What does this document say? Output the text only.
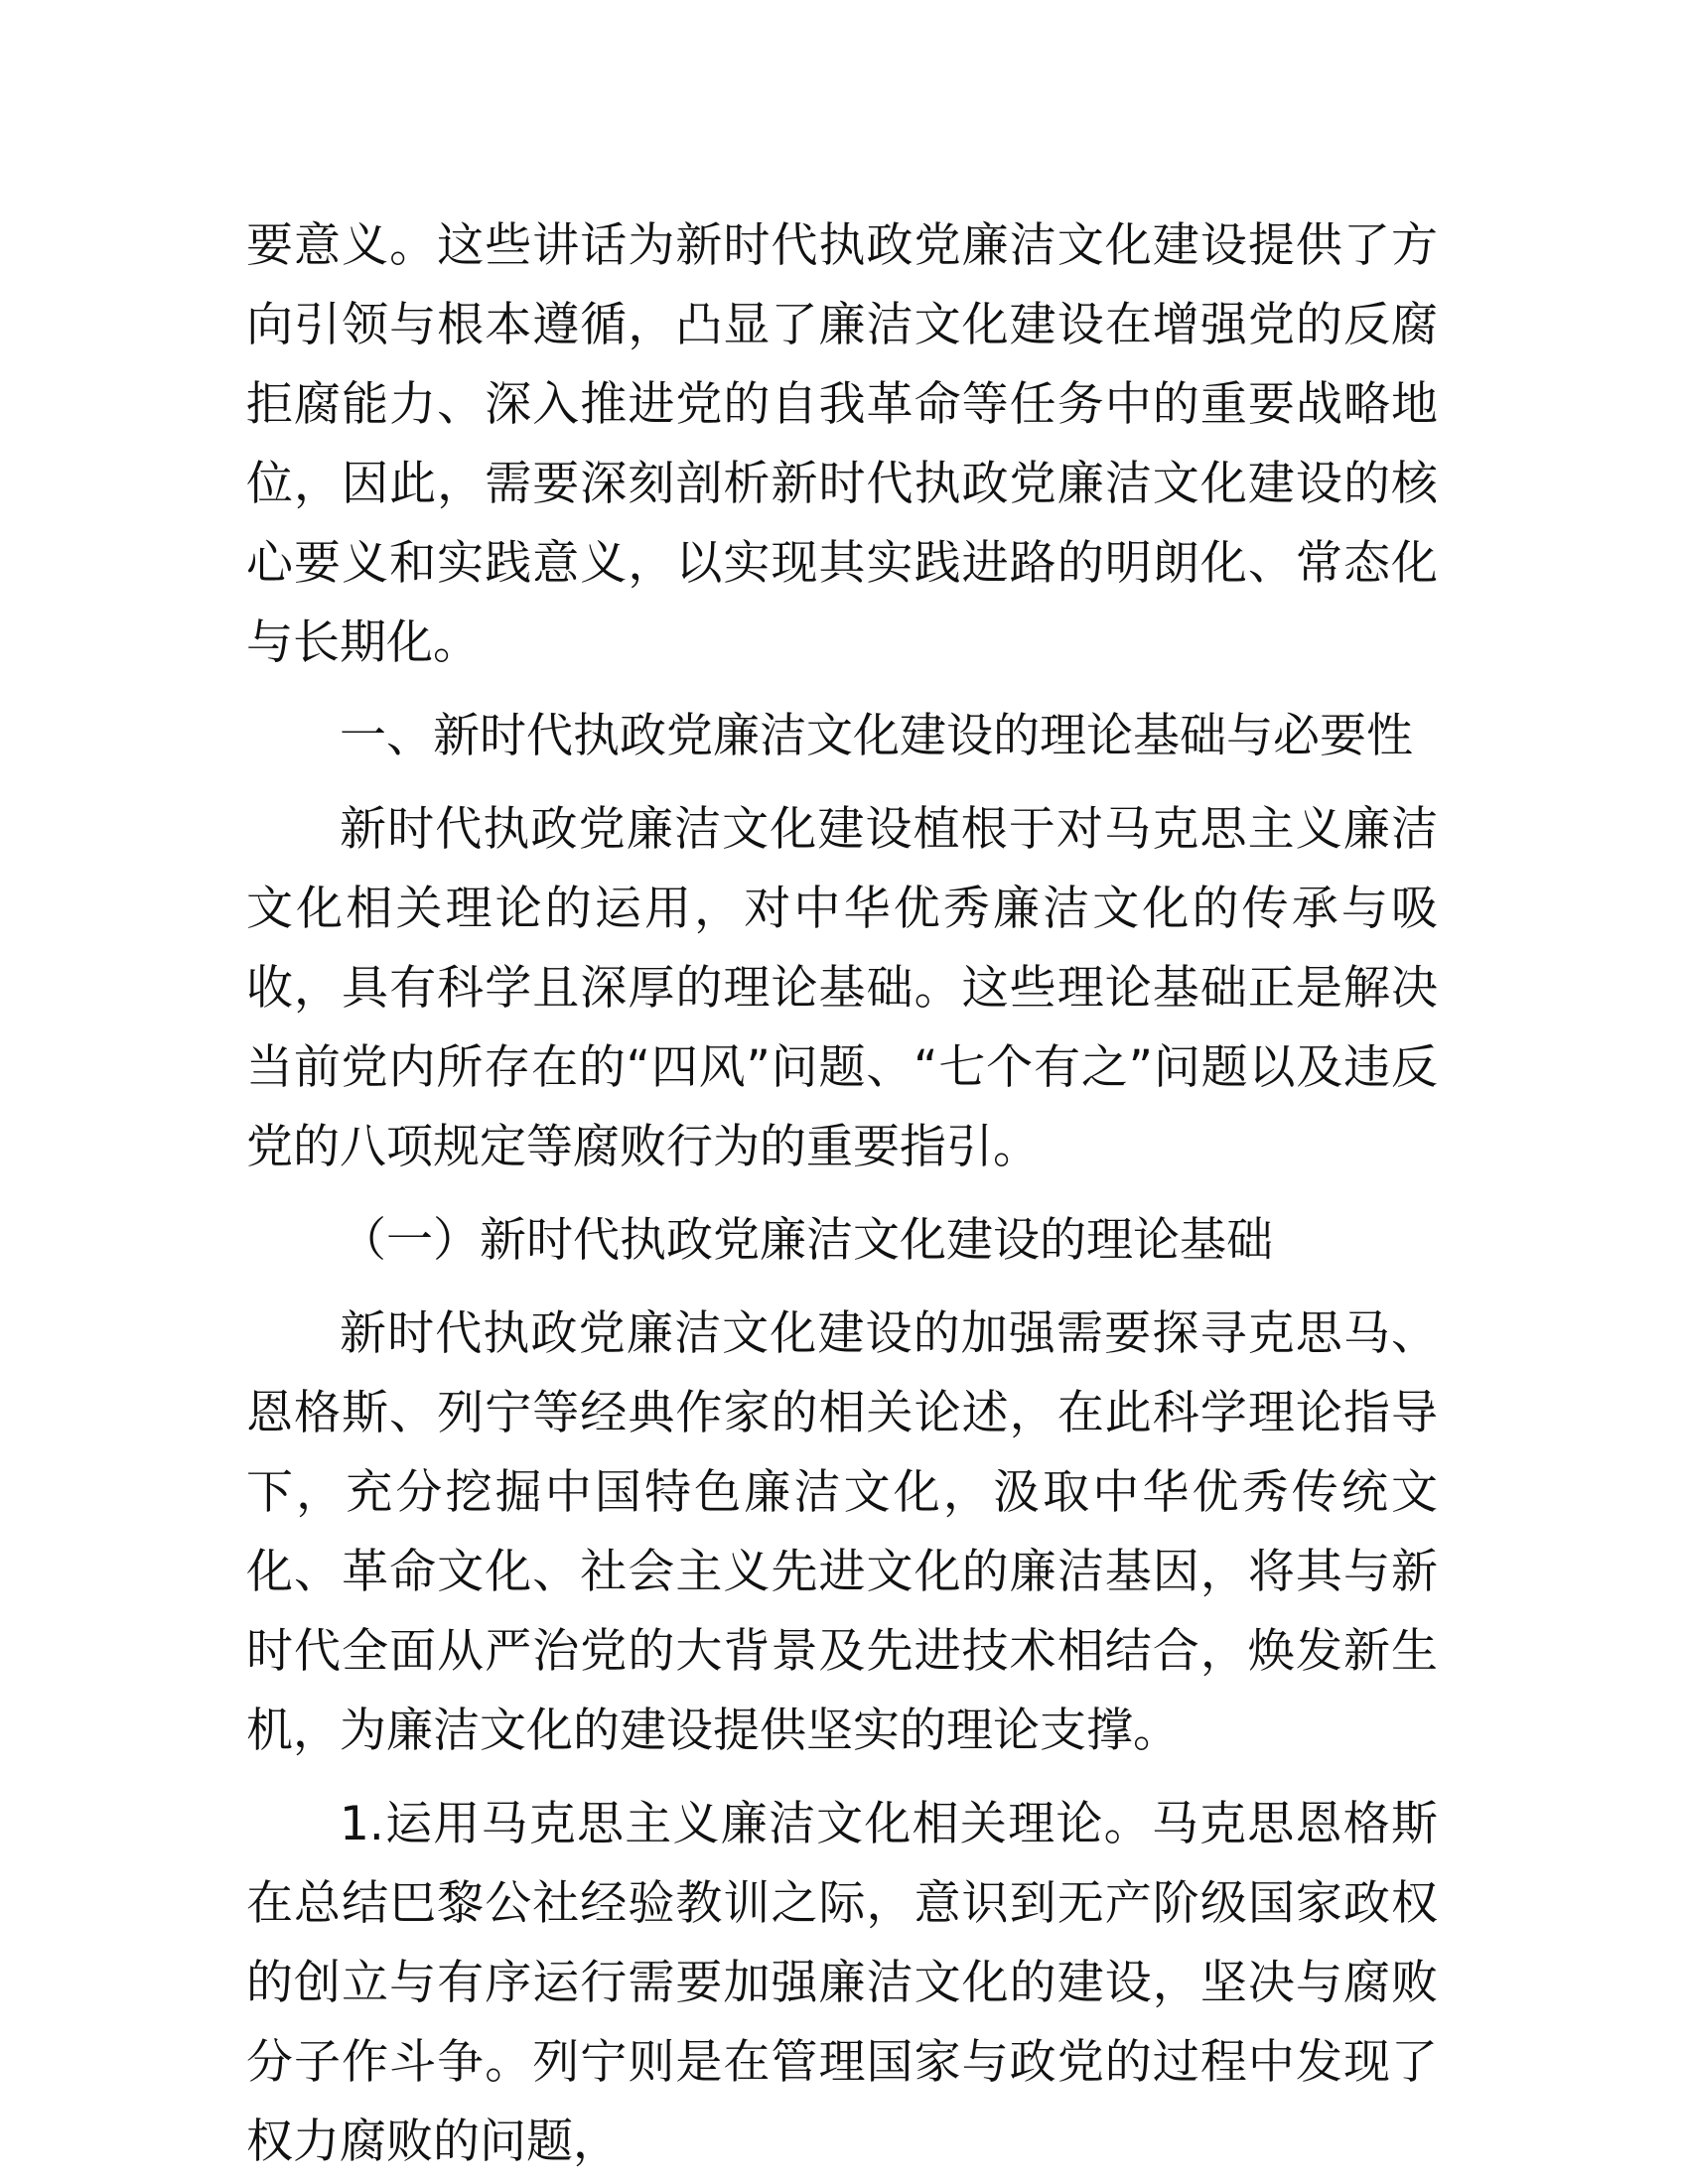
要意义。这些讲话为新时代执政党廉洁文化建设提供了方向引领与根本遵循，凸显了廉洁文化建设在增强党的反腐拒腐能力、深入推进党的自我革命等任务中的重要战略地位，因此，需要深刻剖析新时代执政党廉洁文化建设的核心要义和实践意义，以实现其实践进路的明朗化、常态化与长期化。

一、新时代执政党廉洁文化建设的理论基础与必要性

新时代执政党廉洁文化建设植根于对马克思主义廉洁文化相关理论的运用，对中华优秀廉洁文化的传承与吸收，具有科学且深厚的理论基础。这些理论基础正是解决当前党内所存在的“四风”问题、“七个有之”问题以及违反党的八项规定等腐败行为的重要指引。

（一）新时代执政党廉洁文化建设的理论基础

新时代执政党廉洁文化建设的加强需要探寻克思马、恩格斯、列宁等经典作家的相关论述，在此科学理论指导下，充分挖掘中国特色廉洁文化，汲取中华优秀传统文化、革命文化、社会主义先进文化的廉洁基因，将其与新时代全面从严治党的大背景及先进技术相结合，焕发新生机，为廉洁文化的建设提供坚实的理论支撑。

1.运用马克思主义廉洁文化相关理论。马克思恩格斯在总结巴黎公社经验教训之际，意识到无产阶级国家政权的创立与有序运行需要加强廉洁文化的建设，坚决与腐败分子作斗争。列宁则是在管理国家与政党的过程中发现了权力腐败的问题，
